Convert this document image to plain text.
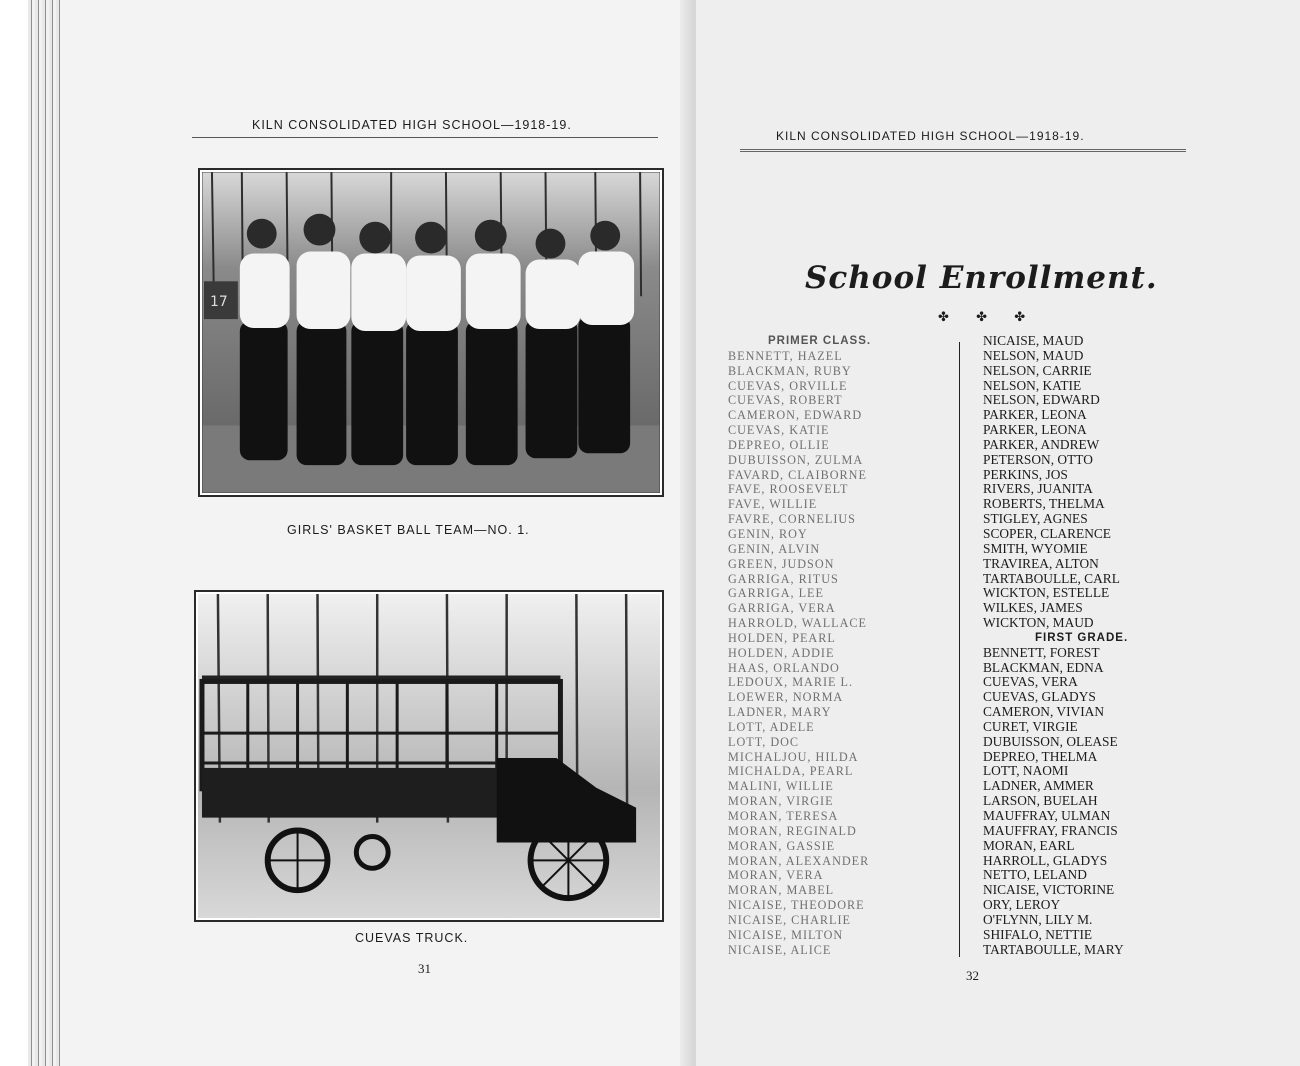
KILN CONSOLIDATED HIGH SCHOOL—1918-19.
17
GIRLS' BASKET BALL TEAM—NO. 1.
CUEVAS TRUCK.
31
KILN CONSOLIDATED HIGH SCHOOL—1918-19.
School Enrollment.
✤ ✤ ✤
PRIMER CLASS.
BENNETT, HAZEL
BLACKMAN, RUBY
CUEVAS, ORVILLE
CUEVAS, ROBERT
CAMERON, EDWARD
CUEVAS, KATIE
DEPREO, OLLIE
DUBUISSON, ZULMA
FAVARD, CLAIBORNE
FAVE, ROOSEVELT
FAVE, WILLIE
FAVRE, CORNELIUS
GENIN, ROY
GENIN, ALVIN
GREEN, JUDSON
GARRIGA, RITUS
GARRIGA, LEE
GARRIGA, VERA
HARROLD, WALLACE
HOLDEN, PEARL
HOLDEN, ADDIE
HAAS, ORLANDO
LEDOUX, MARIE L.
LOEWER, NORMA
LADNER, MARY
LOTT, ADELE
LOTT, DOC
MICHALJOU, HILDA
MICHALDA, PEARL
MALINI, WILLIE
MORAN, VIRGIE
MORAN, TERESA
MORAN, REGINALD
MORAN, GASSIE
MORAN, ALEXANDER
MORAN, VERA
MORAN, MABEL
NICAISE, THEODORE
NICAISE, CHARLIE
NICAISE, MILTON
NICAISE, ALICE
NICAISE, MAUD
NELSON, MAUD
NELSON, CARRIE
NELSON, KATIE
NELSON, EDWARD
PARKER, LEONA
PARKER, LEONA
PARKER, ANDREW
PETERSON, OTTO
PERKINS, JOS
RIVERS, JUANITA
ROBERTS, THELMA
STIGLEY, AGNES
SCOPER, CLARENCE
SMITH, WYOMIE
TRAVIREA, ALTON
TARTABOULLE, CARL
WICKTON, ESTELLE
WILKES, JAMES
WICKTON, MAUD
FIRST GRADE.
BENNETT, FOREST
BLACKMAN, EDNA
CUEVAS, VERA
CUEVAS, GLADYS
CAMERON, VIVIAN
CURET, VIRGIE
DUBUISSON, OLEASE
DEPREO, THELMA
LOTT, NAOMI
LADNER, AMMER
LARSON, BUELAH
MAUFFRAY, ULMAN
MAUFFRAY, FRANCIS
MORAN, EARL
HARROLL, GLADYS
NETTO, LELAND
NICAISE, VICTORINE
ORY, LEROY
O'FLYNN, LILY M.
SHIFALO, NETTIE
TARTABOULLE, MARY
32
